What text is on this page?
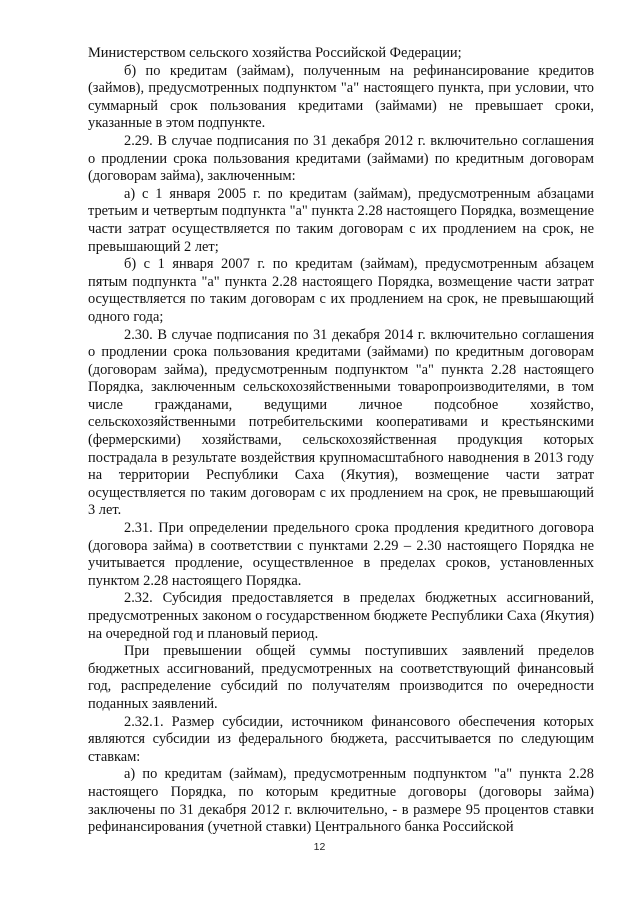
Министерством сельского хозяйства Российской Федерации;

б) по кредитам (займам), полученным на рефинансирование кредитов (займов), предусмотренных подпунктом "а" настоящего пункта, при условии, что суммарный срок пользования кредитами (займами) не превышает сроки, указанные в этом подпункте.

2.29. В случае подписания по 31 декабря 2012 г. включительно соглашения о продлении срока пользования кредитами (займами) по кредитным договорам (договорам займа), заключенным:

а) с 1 января 2005 г. по кредитам (займам), предусмотренным абзацами третьим и четвертым подпункта "а" пункта 2.28 настоящего Порядка, возмещение части затрат осуществляется по таким договорам с их продлением на срок, не превышающий 2 лет;

б) с 1 января 2007 г. по кредитам (займам), предусмотренным абзацем пятым подпункта "а" пункта 2.28 настоящего Порядка, возмещение части затрат осуществляется по таким договорам с их продлением на срок, не превышающий одного года;

2.30. В случае подписания по 31 декабря 2014 г. включительно соглашения о продлении срока пользования кредитами (займами) по кредитным договорам (договорам займа), предусмотренным подпунктом "а" пункта 2.28 настоящего Порядка, заключенным сельскохозяйственными товаропроизводителями, в том числе гражданами, ведущими личное подсобное хозяйство, сельскохозяйственными потребительскими кооперативами и крестьянскими (фермерскими) хозяйствами, сельскохозяйственная продукция которых пострадала в результате воздействия крупномасштабного наводнения в 2013 году на территории Республики Саха (Якутия), возмещение части затрат осуществляется по таким договорам с их продлением на срок, не превышающий 3 лет.

2.31. При определении предельного срока продления кредитного договора (договора займа) в соответствии с пунктами 2.29 – 2.30 настоящего Порядка не учитывается продление, осуществленное в пределах сроков, установленных пунктом 2.28 настоящего Порядка.

2.32. Субсидия предоставляется в пределах бюджетных ассигнований, предусмотренных законом о государственном бюджете Республики Саха (Якутия) на очередной год и плановый период.

При превышении общей суммы поступивших заявлений пределов бюджетных ассигнований, предусмотренных на соответствующий финансовый год, распределение субсидий по получателям производится по очередности поданных заявлений.

2.32.1. Размер субсидии, источником финансового обеспечения которых являются субсидии из федерального бюджета, рассчитывается по следующим ставкам:

а) по кредитам (займам), предусмотренным подпунктом "а" пункта 2.28 настоящего Порядка, по которым кредитные договоры (договоры займа) заключены по 31 декабря 2012 г. включительно, - в размере 95 процентов ставки рефинансирования (учетной ставки) Центрального банка Российской

12
